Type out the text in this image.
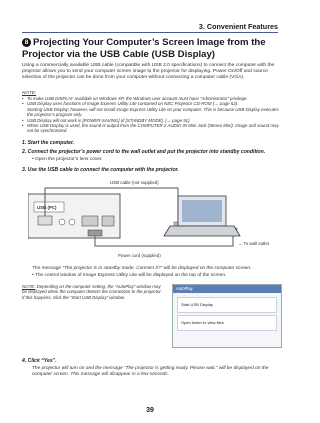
3. Convenient Features
8 Projecting Your Computer’s Screen Image from the Projector via the USB Cable (USB Display)
Using a commercially available USB cable (compatible with USB 2.0 specifications) to connect the computer with the projector allows you to send your computer screen image to the projector for displaying. Power On/Off and source selection of the projector can be done from your computer without connecting a computer cable (VGA).
NOTE:
• To make USB DISPLAY available on Windows XP, the Windows user account must have “Administrator” privilege.
• USB Display uses functions of Image Express Utility Lite contained on NEC Projector CD-ROM (→ page 52).
Starting USB Display; however, will not install Image Express Utility Lite on your computer. This is because USB Display executes the projector’s program only.
• USB Display will not work in [POWER-SAVING] of [STANDBY MODE]. (→ page 91)
• When USB Display is used, the sound is output from the COMPUTER 2 AUDIO IN Mini Jack (Stereo Mini). Image and sound may not be synchronized.
1. Start the computer.
2. Connect the projector’s power cord to the wall outlet and put the projector into standby condition.
• Open the projector’s lens cover.
3. Use the USB cable to connect the computer with the projector.
USB (PC)
USB cable (not supplied)
Power cord (supplied)
→ To wall outlet
The message “The projector is in standby mode. Connect it?” will be displayed on the computer screen.
• The control window of Image Express Utility Lite will be displayed on the top of the screen.
NOTE: Depending on the computer setting, the “AutoPlay” window may be displayed when the computer detects the connection to the projector. If this happens, click the “Start USB Display” window.
AutoPlay
Start USB Display
Open folder to view files
4. Click “Yes”.
The projector will turn on and the message “The projector is getting ready. Please wait.” will be displayed on the computer screen. This message will disappear in a few seconds.
39
